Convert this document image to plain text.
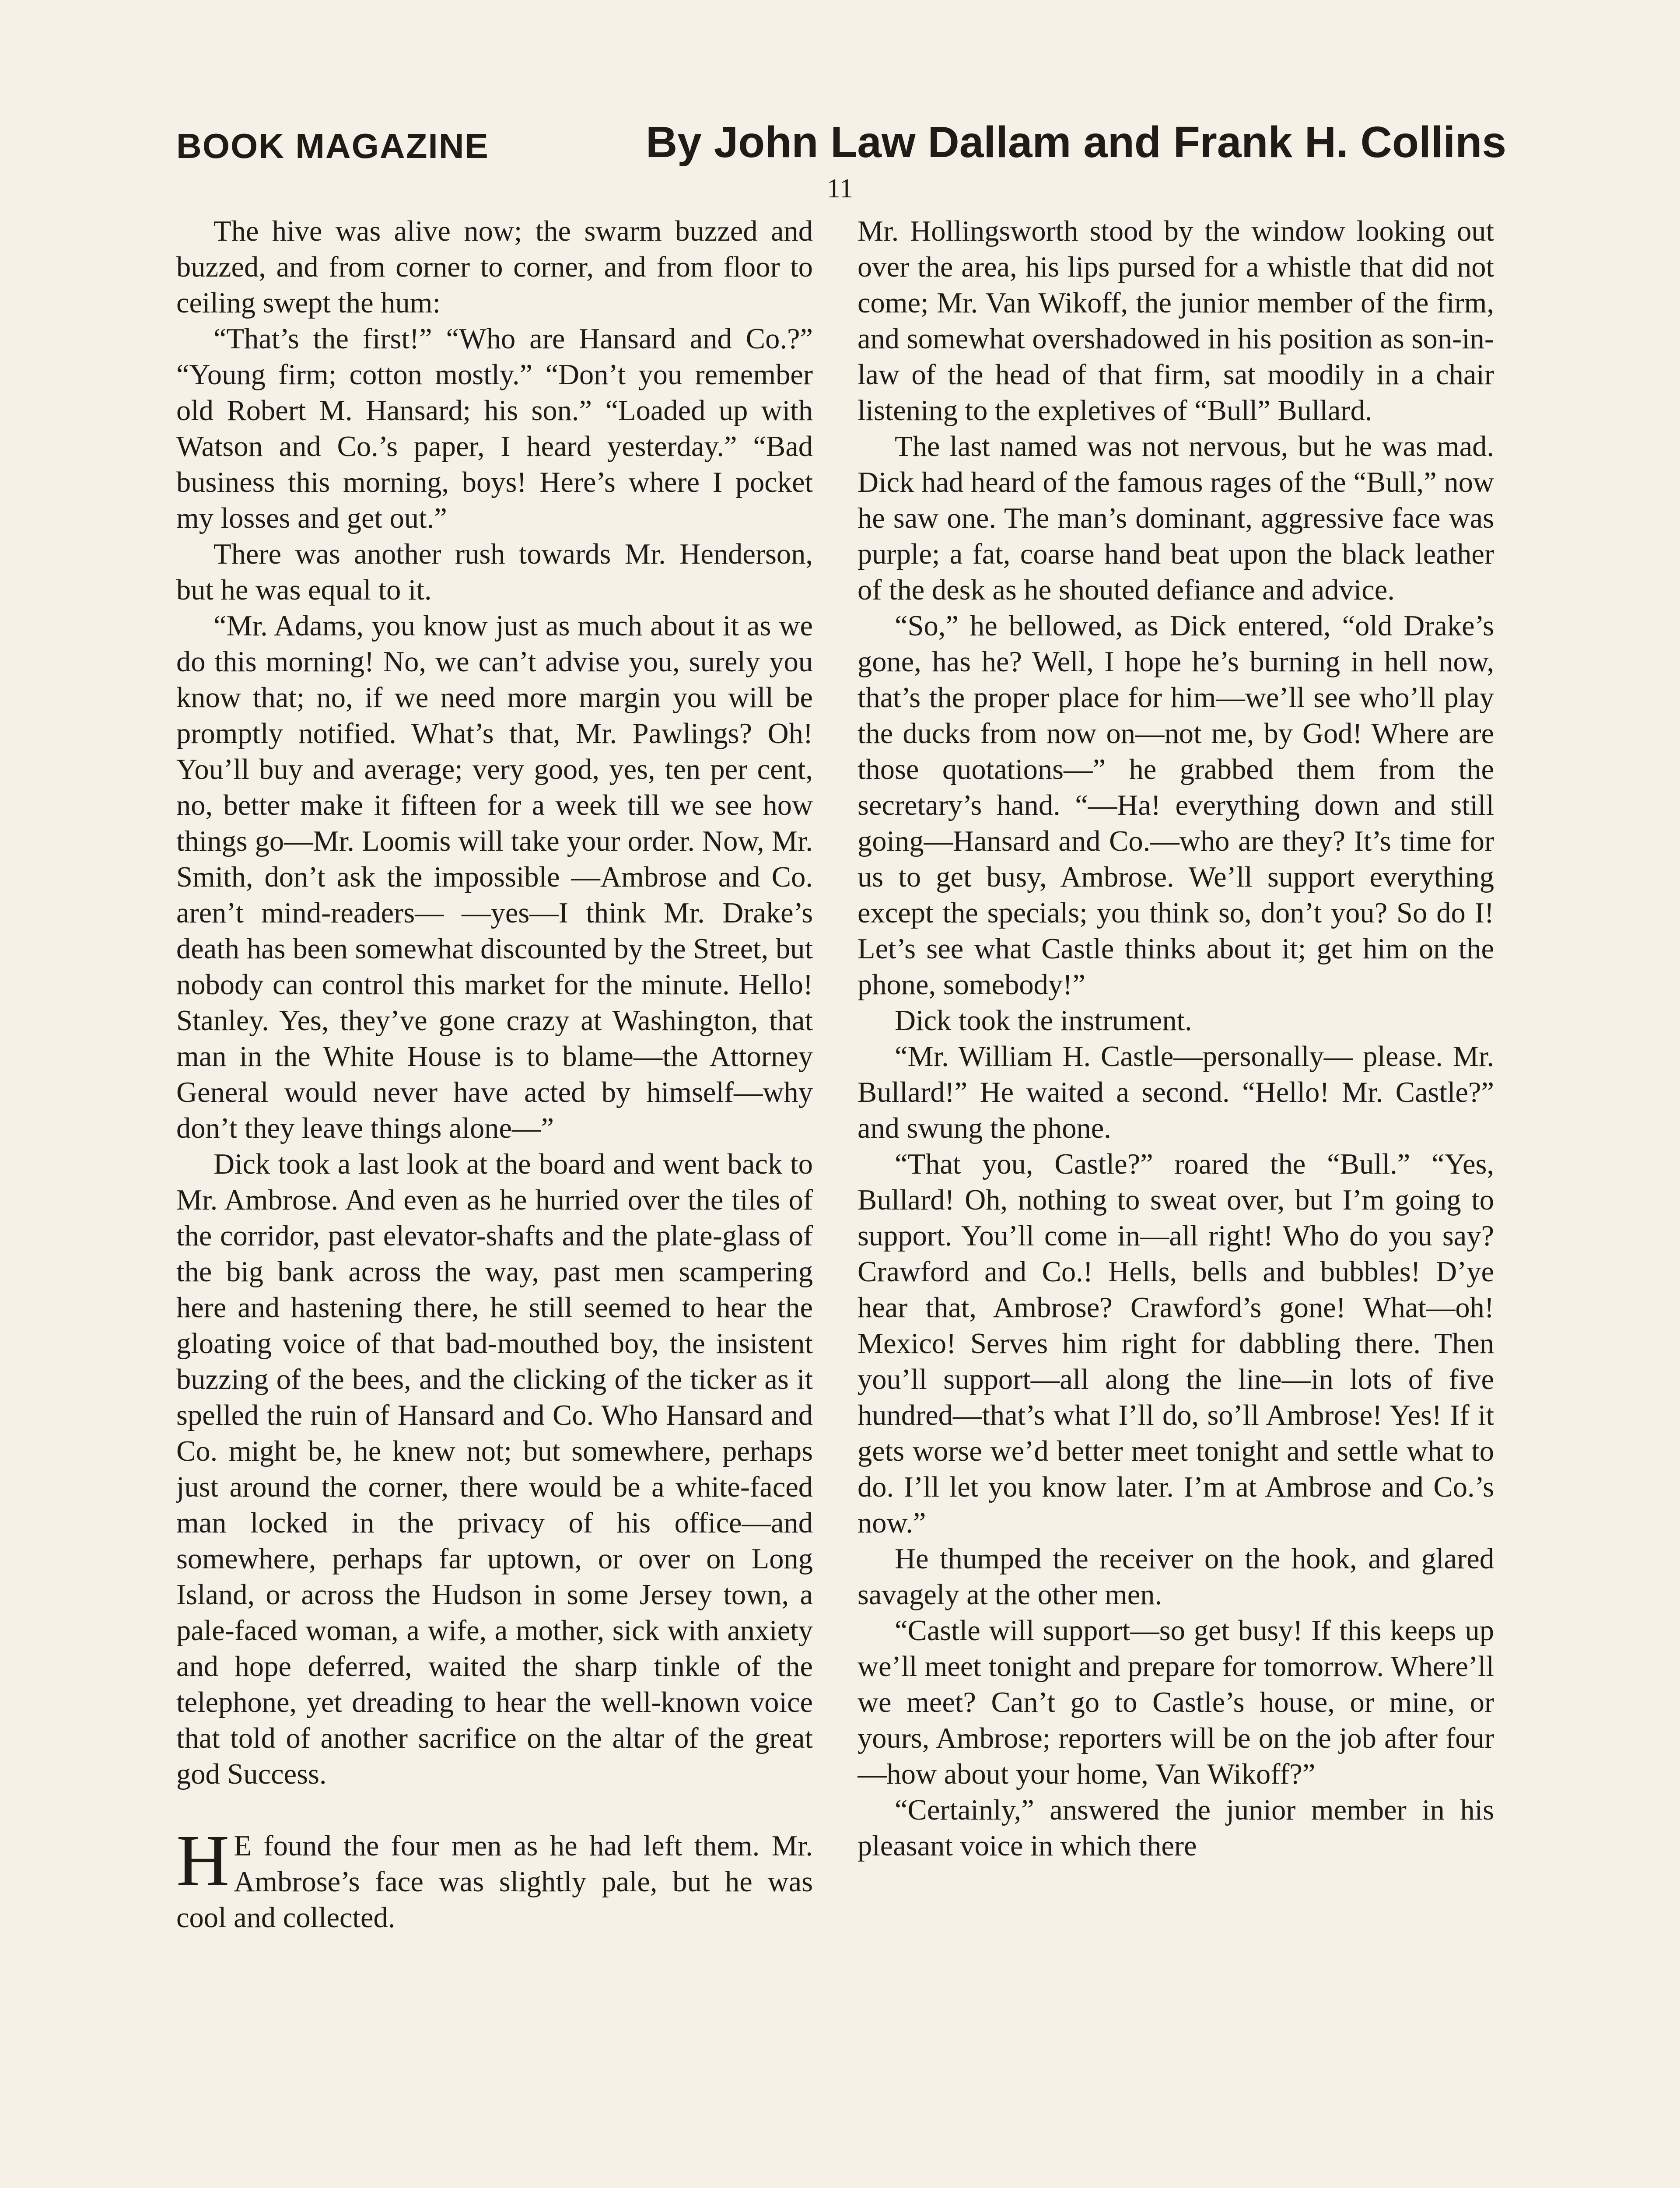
BOOK MAGAZINE	By John Law Dallam and Frank H. Collins
11

The hive was alive now; the swarm buzzed and buzzed, and from corner to corner, and from floor to ceiling swept the hum:

“That’s the first!” “Who are Hansard and Co.?” “Young firm; cotton mostly.” “Don’t you remember old Robert M. Hansard; his son.” “Loaded up with Watson and Co.’s paper, I heard yesterday.” “Bad business this morning, boys! Here’s where I pocket my losses and get out.”

There was another rush towards Mr. Henderson, but he was equal to it.

“Mr. Adams, you know just as much about it as we do this morning! No, we can’t advise you, surely you know that; no, if we need more margin you will be promptly notified. What’s that, Mr. Pawlings? Oh! You’ll buy and average; very good, yes, ten per cent, no, better make it fifteen for a week till we see how things go—Mr. Loomis will take your order. Now, Mr. Smith, don’t ask the impossible —Ambrose and Co. aren’t mind-readers— —yes—I think Mr. Drake’s death has been somewhat discounted by the Street, but nobody can control this market for the minute. Hello! Stanley. Yes, they’ve gone crazy at Washington, that man in the White House is to blame—the Attorney General would never have acted by himself—why don’t they leave things alone—”

Dick took a last look at the board and went back to Mr. Ambrose. And even as he hurried over the tiles of the corridor, past elevator-shafts and the plate-glass of the big bank across the way, past men scampering here and hastening there, he still seemed to hear the gloating voice of that bad-mouthed boy, the insistent buzzing of the bees, and the clicking of the ticker as it spelled the ruin of Hansard and Co. Who Hansard and Co. might be, he knew not; but somewhere, perhaps just around the corner, there would be a white-faced man locked in the privacy of his office—and somewhere, perhaps far uptown, or over on Long Island, or across the Hudson in some Jersey town, a pale-faced woman, a wife, a mother, sick with anxiety and hope deferred, waited the sharp tinkle of the telephone, yet dreading to hear the well-known voice that told of another sacrifice on the altar of the great god Success.

H E found the four men as he had left them. Mr. Ambrose’s face was slightly pale, but he was cool and collected.

Mr. Hollingsworth stood by the window looking out over the area, his lips pursed for a whistle that did not come; Mr. Van Wikoff, the junior member of the firm, and somewhat overshadowed in his position as son-in-law of the head of that firm, sat moodily in a chair listening to the expletives of “Bull” Bullard.

The last named was not nervous, but he was mad. Dick had heard of the famous rages of the “Bull,” now he saw one. The man’s dominant, aggressive face was purple; a fat, coarse hand beat upon the black leather of the desk as he shouted defiance and advice.

“So,” he bellowed, as Dick entered, “old Drake’s gone, has he? Well, I hope he’s burning in hell now, that’s the proper place for him—we’ll see who’ll play the ducks from now on—not me, by God! Where are those quotations—” he grabbed them from the secretary’s hand. “—Ha! everything down and still going—Hansard and Co.—who are they? It’s time for us to get busy, Ambrose. We’ll support everything except the specials; you think so, don’t you? So do I! Let’s see what Castle thinks about it; get him on the phone, somebody!”

Dick took the instrument.

“Mr. William H. Castle—personally— please. Mr. Bullard!” He waited a second. “Hello! Mr. Castle?” and swung the phone.

“That you, Castle?” roared the “Bull.” “Yes, Bullard! Oh, nothing to sweat over, but I’m going to support. You’ll come in—all right! Who do you say? Crawford and Co.! Hells, bells and bubbles! D’ye hear that, Ambrose? Crawford’s gone! What—oh! Mexico! Serves him right for dabbling there. Then you’ll support—all along the line—in lots of five hundred—that’s what I’ll do, so’ll Ambrose! Yes! If it gets worse we’d better meet tonight and settle what to do. I’ll let you know later. I’m at Ambrose and Co.’s now.”

He thumped the receiver on the hook, and glared savagely at the other men.

“Castle will support—so get busy! If this keeps up we’ll meet tonight and prepare for tomorrow. Where’ll we meet? Can’t go to Castle’s house, or mine, or yours, Ambrose; reporters will be on the job after four—how about your home, Van Wikoff?”

“Certainly,” answered the junior member in his pleasant voice in which there
